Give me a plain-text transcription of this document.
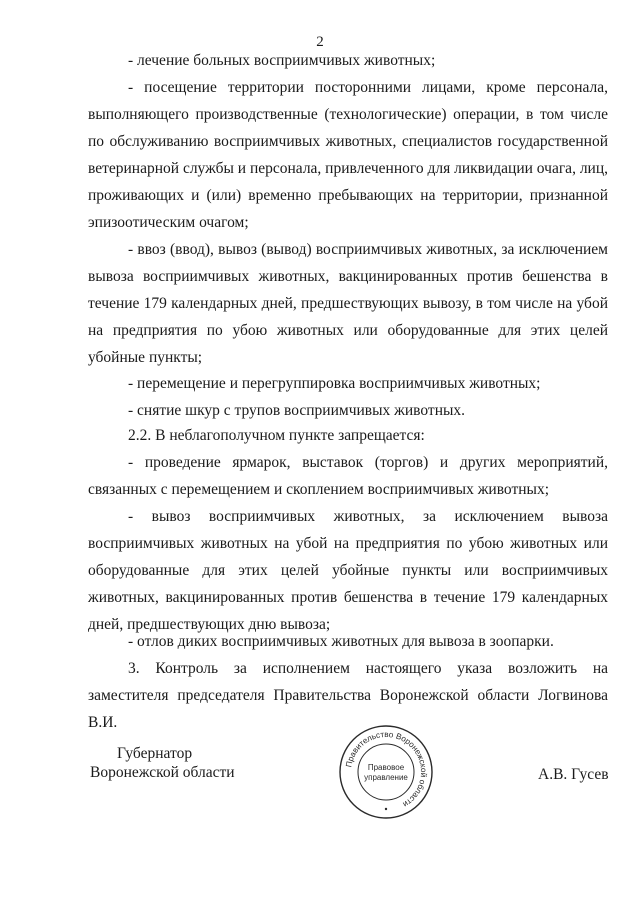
2

- лечение больных восприимчивых животных;

- посещение территории посторонними лицами, кроме персонала, выполняющего производственные (технологические) операции, в том числе по обслуживанию восприимчивых животных, специалистов государственной ветеринарной службы и персонала, привлеченного для ликвидации очага, лиц, проживающих и (или) временно пребывающих на территории, признанной эпизоотическим очагом;

- ввоз (ввод), вывоз (вывод) восприимчивых животных, за исключением вывоза восприимчивых животных, вакцинированных против бешенства в течение 179 календарных дней, предшествующих вывозу, в том числе на убой на предприятия по убою животных или оборудованные для этих целей убойные пункты;

- перемещение и перегруппировка восприимчивых животных;

- снятие шкур с трупов восприимчивых животных.

2.2. В неблагополучном пункте запрещается:

- проведение ярмарок, выставок (торгов) и других мероприятий, связанных с перемещением и скоплением восприимчивых животных;

- вывоз восприимчивых животных, за исключением вывоза восприимчивых животных на убой на предприятия по убою животных или оборудованные для этих целей убойные пункты или восприимчивых животных, вакцинированных против бешенства в течение 179 календарных дней, предшествующих дню вывоза;

- отлов диких восприимчивых животных для вывоза в зоопарки.

3. Контроль за исполнением настоящего указа возложить на заместителя председателя Правительства Воронежской области Логвинова В.И.

Губернатор
Воронежской области	А.В. Гусев
Правительство Воронежской области
Правовое
управление
